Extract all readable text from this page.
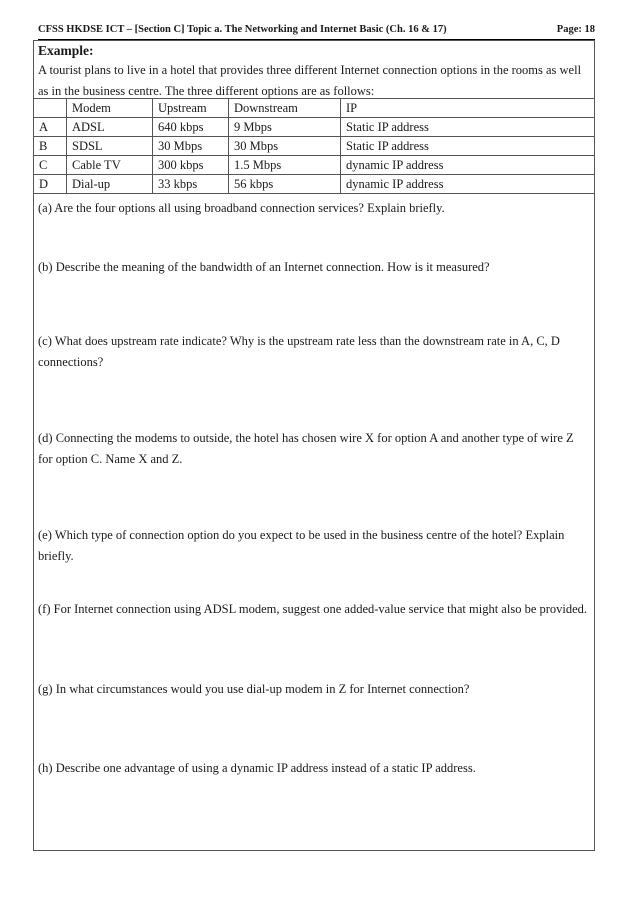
CFSS HKDSE ICT – [Section C] Topic a. The Networking and Internet Basic (Ch. 16 & 17)	Page: 18
Example:
A tourist plans to live in a hotel that provides three different Internet connection options in the rooms as well as in the business centre. The three different options are as follows:
	Modem	Upstream	Downstream	IP
A	ADSL	640 kbps	9 Mbps	Static IP address
B	SDSL	30 Mbps	30 Mbps	Static IP address
C	Cable TV	300 kbps	1.5 Mbps	dynamic IP address
D	Dial-up	33 kbps	56 kbps	dynamic IP address
(a) Are the four options all using broadband connection services? Explain briefly.
(b) Describe the meaning of the bandwidth of an Internet connection. How is it measured?
(c) What does upstream rate indicate? Why is the upstream rate less than the downstream rate in A, C, D connections?
(d) Connecting the modems to outside, the hotel has chosen wire X for option A and another type of wire Z for option C. Name X and Z.
(e) Which type of connection option do you expect to be used in the business centre of the hotel? Explain briefly.
(f) For Internet connection using ADSL modem, suggest one added-value service that might also be provided.
(g) In what circumstances would you use dial-up modem in Z for Internet connection?
(h) Describe one advantage of using a dynamic IP address instead of a static IP address.
